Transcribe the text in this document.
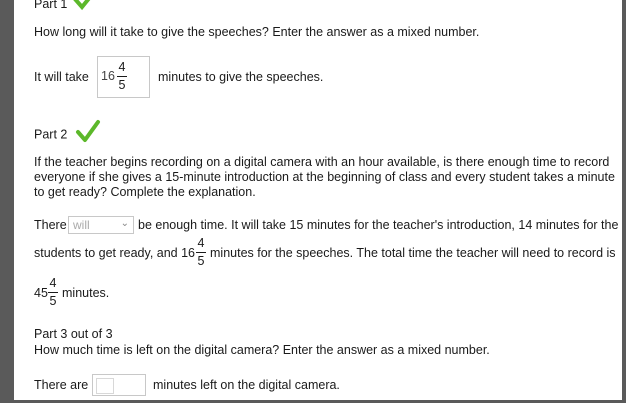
Part 1
How long will it take to give the speeches? Enter the answer as a mixed number.
It will take 16
4
5
minutes to give the speeches.
Part 2

If the teacher begins recording on a digital camera with an hour available, is there enough time to record everyone if she gives a 15-minute introduction at the beginning of class and every student takes a minute to get ready? Complete the explanation.

There will	⌄ be enough time. It will take 15 minutes for the teacher's introduction, 14 minutes for the
students to get ready, and 16
4
5
minutes for the speeches. The total time the teacher will need to record is
45
4
5
minutes.
Part 3 out of 3
How much time is left on the digital camera? Enter the answer as a mixed number.
There are	minutes left on the digital camera.
